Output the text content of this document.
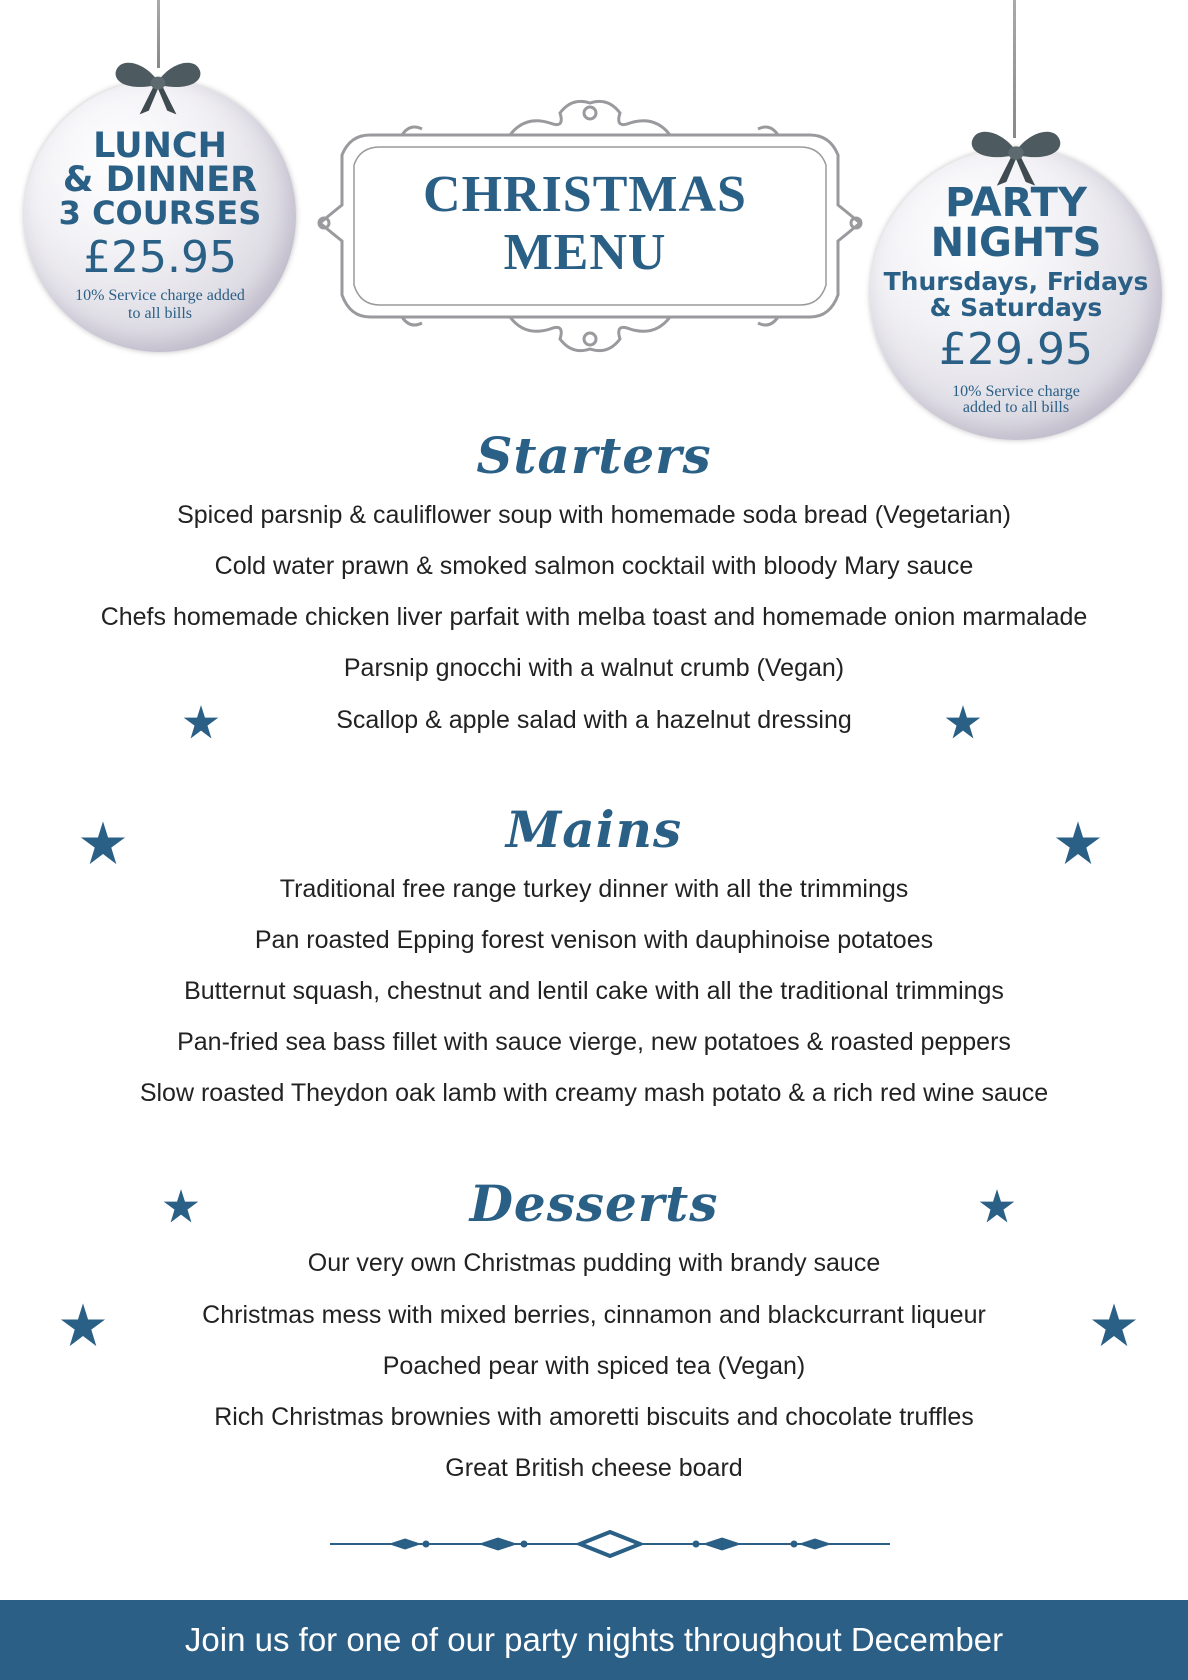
LUNCH
& DINNER
3 COURSES
£25.95
10% Service charge added
to all bills
PARTY
NIGHTS
Thursdays, Fridays
& Saturdays
£29.95
10% Service charge
added to all bills
CHRISTMAS
MENU
Starters
Spiced parsnip & cauliflower soup with homemade soda bread (Vegetarian)
Cold water prawn & smoked salmon cocktail with bloody Mary sauce
Chefs homemade chicken liver parfait with melba toast and homemade onion marmalade
Parsnip gnocchi with a walnut crumb (Vegan)
Scallop & apple salad with a hazelnut dressing
Mains
Traditional free range turkey dinner with all the trimmings
Pan roasted Epping forest venison with dauphinoise potatoes
Butternut squash, chestnut and lentil cake with all the traditional trimmings
Pan-fried sea bass fillet with sauce vierge, new potatoes & roasted peppers
Slow roasted Theydon oak lamb with creamy mash potato & a rich red wine sauce
Desserts
Our very own Christmas pudding with brandy sauce
Christmas mess with mixed berries, cinnamon and blackcurrant liqueur
Poached pear with spiced tea (Vegan)
Rich Christmas brownies with amoretti biscuits and chocolate truffles
Great British cheese board
Join us for one of our party nights throughout December
